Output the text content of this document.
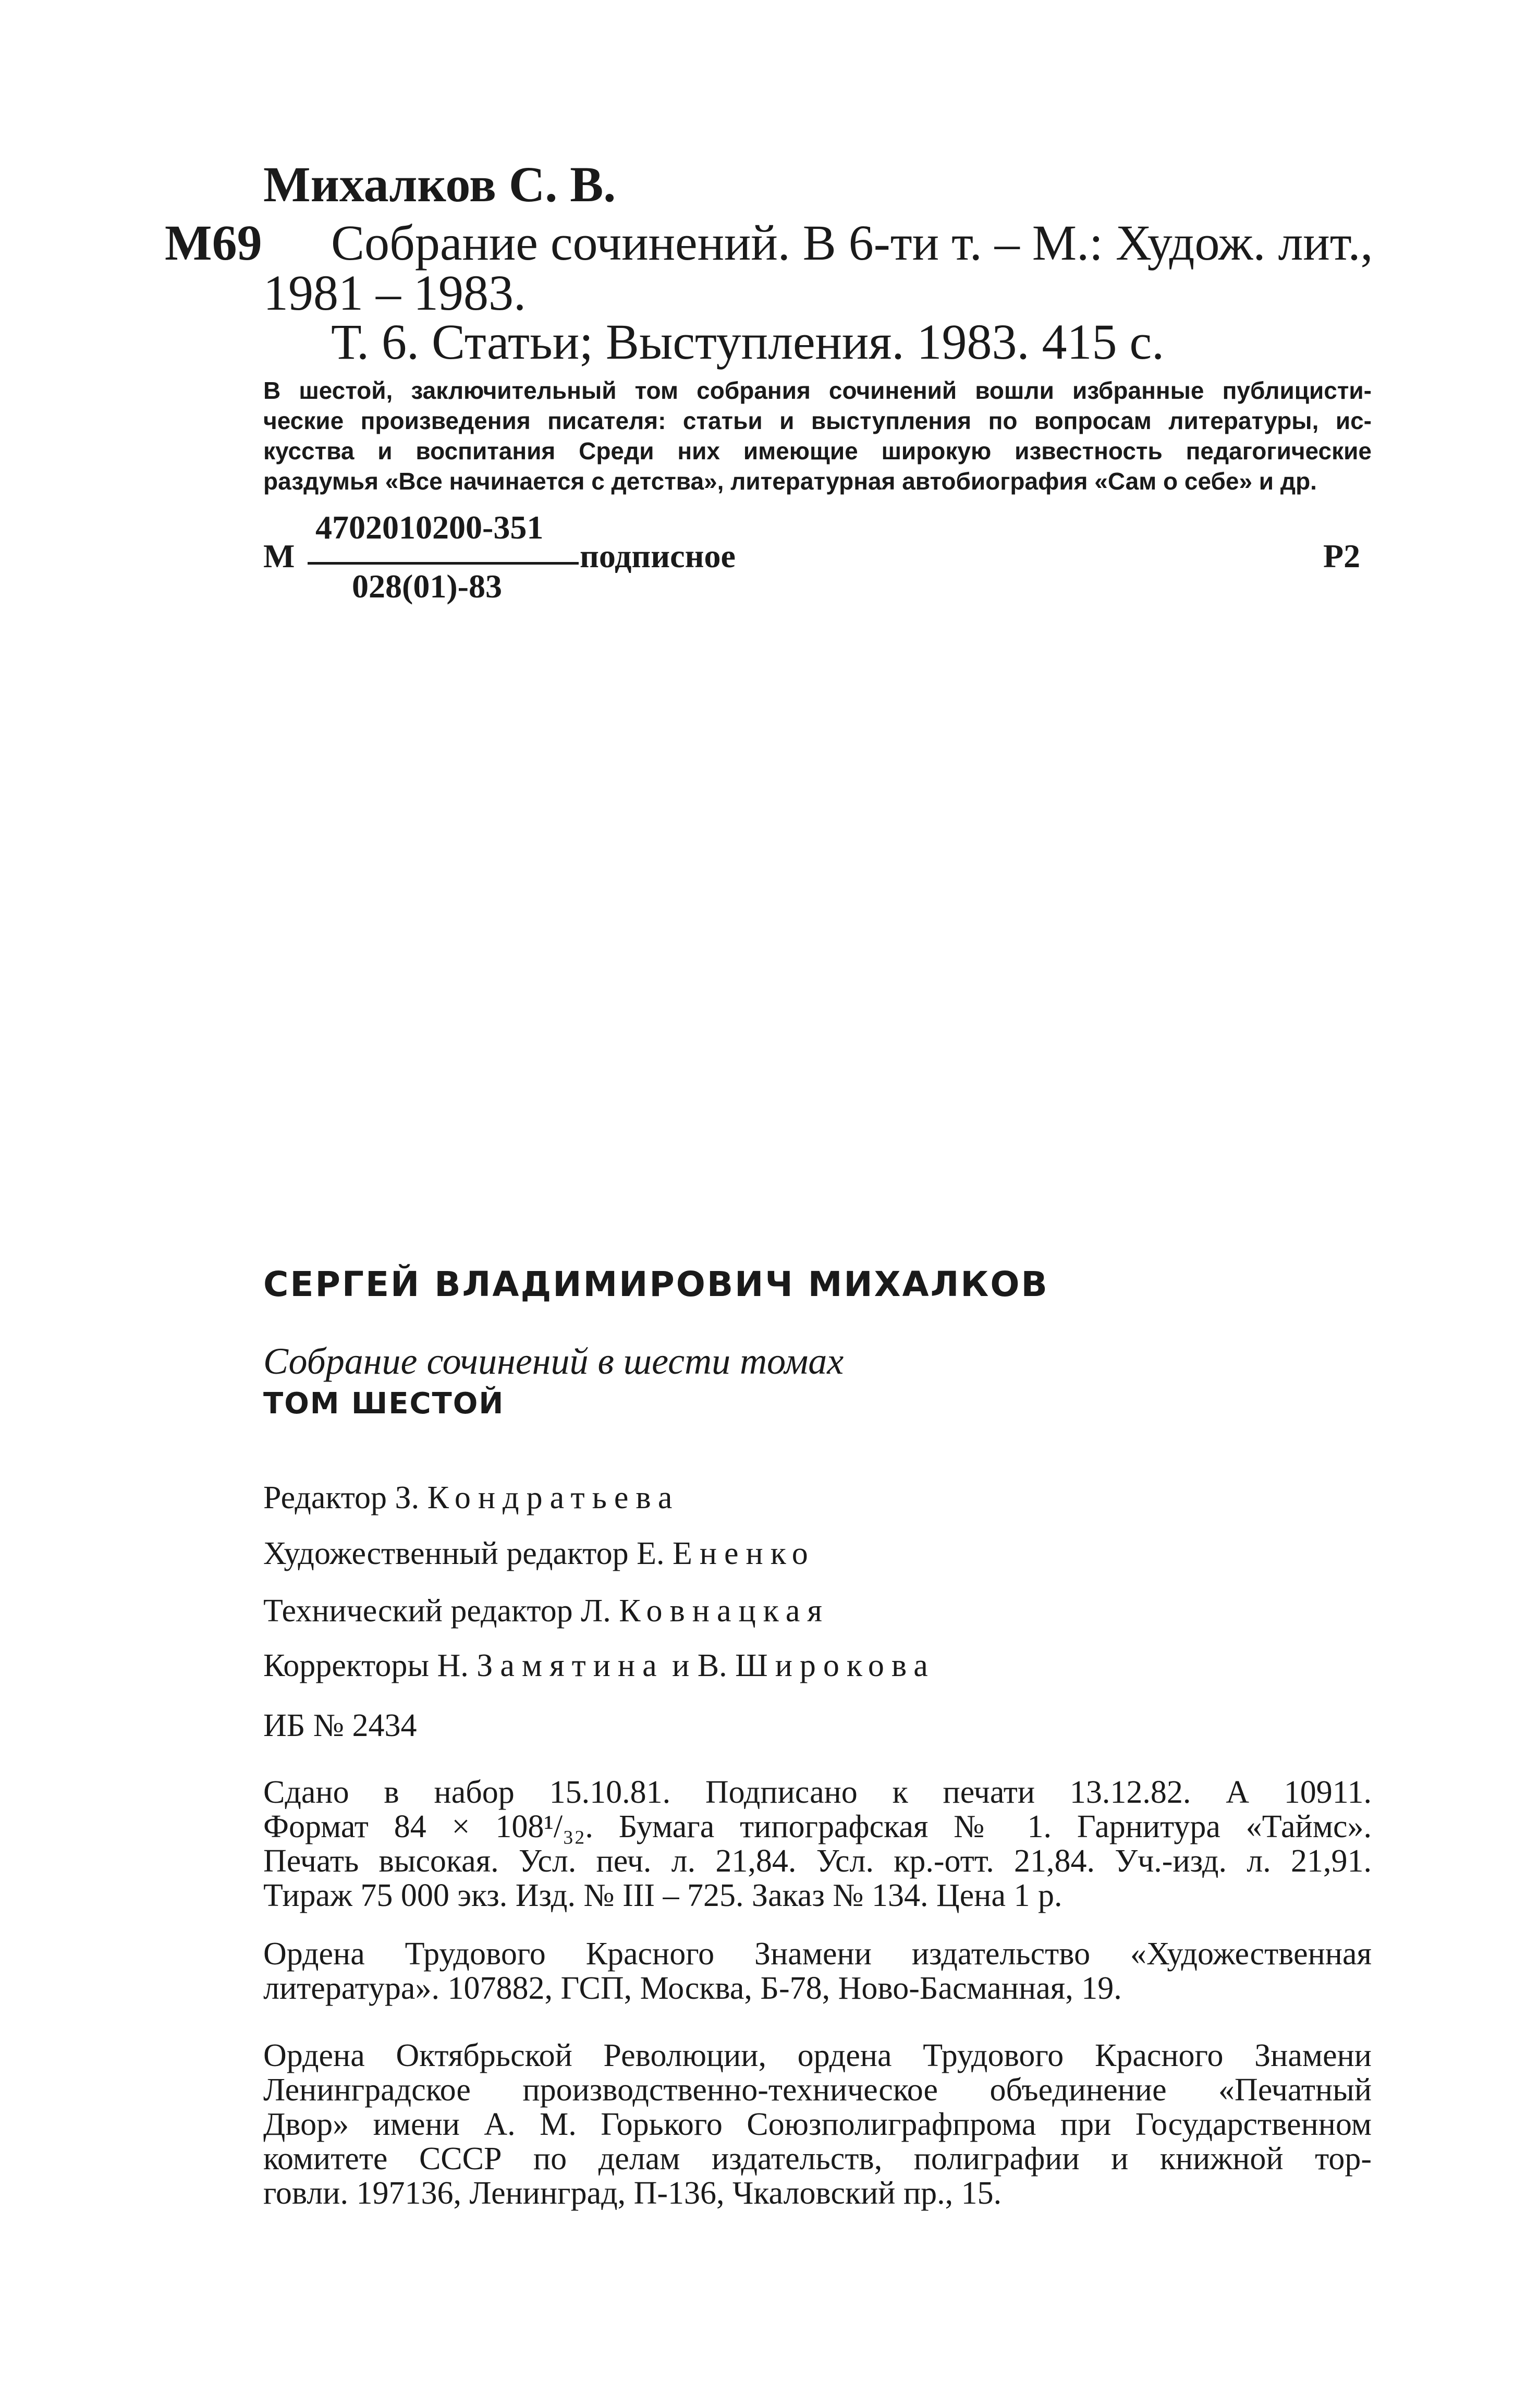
Михалков С. В.
М69 Собрание сочинений. В 6-ти т. – М.: Худож. лит.,
1981 – 1983.
Т. 6. Статьи; Выступления. 1983. 415 с.
В шестой, заключительный том собрания сочинений вошли избранные публицисти-
ческие произведения писателя: статьи и выступления по вопросам литературы, ис-
кусства и воспитания Среди них имеющие широкую известность педагогические
раздумья «Все начинается с детства», литературная автобиография «Сам о себе» и др.
М
4702010200-351
028(01)-83
подписное	Р2
СЕРГЕЙ ВЛАДИМИРОВИЧ МИХАЛКОВ
Собрание сочинений в шести томах
ТОМ ШЕСТОЙ
Редактор З. Кондратьева
Художественный редактор Е. Ененко
Технический редактор Л. Ковнацкая
Корректоры Н. Замятина и В. Широкова
ИБ № 2434
Сдано в набор 15.10.81. Подписано к печати 13.12.82. А 10911.
Формат 84 × 108¹/₃₂. Бумага типографская № 1. Гарнитура «Таймс».
Печать высокая. Усл. печ. л. 21,84. Усл. кр.-отт. 21,84. Уч.-изд. л. 21,91.
Тираж 75 000 экз. Изд. № III – 725. Заказ № 134. Цена 1 р.
Ордена Трудового Красного Знамени издательство «Художественная
литература». 107882, ГСП, Москва, Б-78, Ново-Басманная, 19.
Ордена Октябрьской Революции, ордена Трудового Красного Знамени
Ленинградское производственно-техническое объединение «Печатный
Двор» имени А. М. Горького Союзполиграфпрома при Государственном
комитете СССР по делам издательств, полиграфии и книжной тор-
говли. 197136, Ленинград, П-136, Чкаловский пр., 15.
